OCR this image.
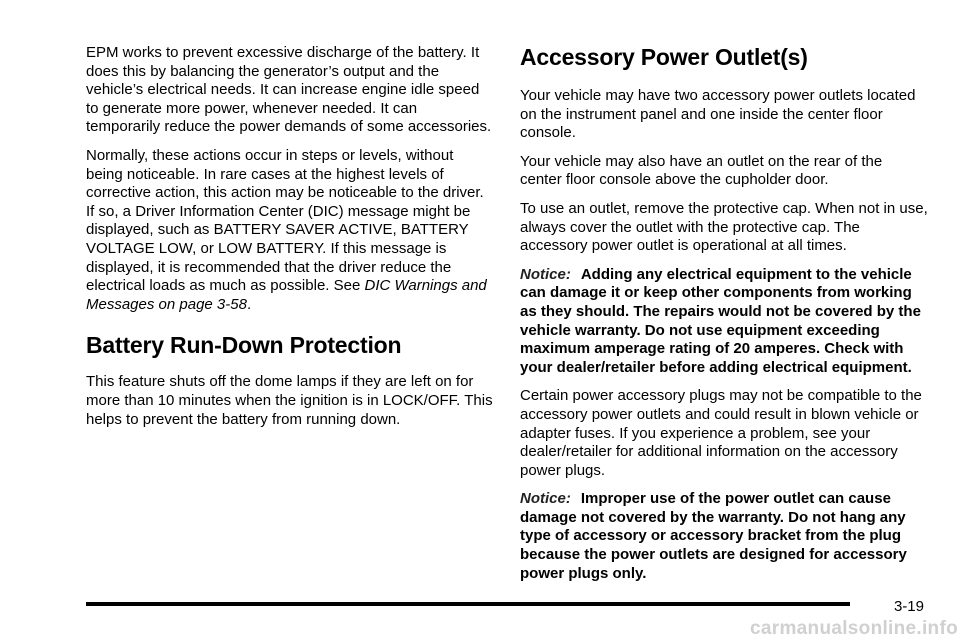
EPM works to prevent excessive discharge of the battery. It does this by balancing the generator’s output and the vehicle’s electrical needs. It can increase engine idle speed to generate more power, whenever needed. It can temporarily reduce the power demands of some accessories.

Normally, these actions occur in steps or levels, without being noticeable. In rare cases at the highest levels of corrective action, this action may be noticeable to the driver. If so, a Driver Information Center (DIC) message might be displayed, such as BATTERY SAVER ACTIVE, BATTERY VOLTAGE LOW, or LOW BATTERY. If this message is displayed, it is recommended that the driver reduce the electrical loads as much as possible. See DIC Warnings and Messages on page 3-58.

Battery Run-Down Protection

This feature shuts off the dome lamps if they are left on for more than 10 minutes when the ignition is in LOCK/OFF. This helps to prevent the battery from running down.

Accessory Power Outlet(s)

Your vehicle may have two accessory power outlets located on the instrument panel and one inside the center floor console.

Your vehicle may also have an outlet on the rear of the center floor console above the cupholder door.

To use an outlet, remove the protective cap. When not in use, always cover the outlet with the protective cap. The accessory power outlet is operational at all times.

Notice: Adding any electrical equipment to the vehicle can damage it or keep other components from working as they should. The repairs would not be covered by the vehicle warranty. Do not use equipment exceeding maximum amperage rating of 20 amperes. Check with your dealer/retailer before adding electrical equipment.

Certain power accessory plugs may not be compatible to the accessory power outlets and could result in blown vehicle or adapter fuses. If you experience a problem, see your dealer/retailer for additional information on the accessory power plugs.

Notice: Improper use of the power outlet can cause damage not covered by the warranty. Do not hang any type of accessory or accessory bracket from the plug because the power outlets are designed for accessory power plugs only.

3-19
carmanualsonline.info
